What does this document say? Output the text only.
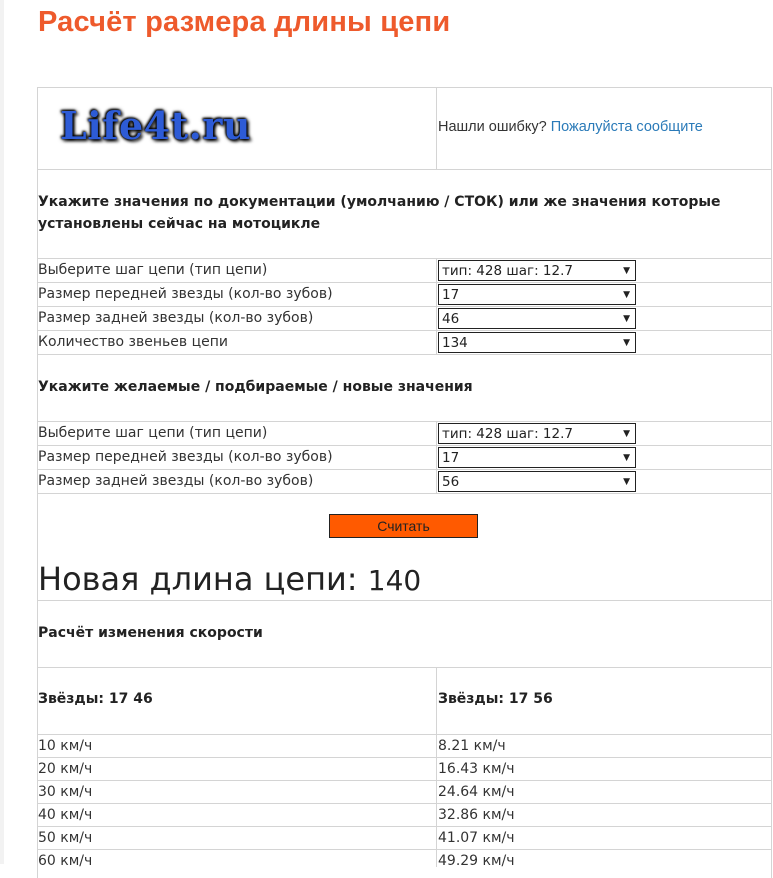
Расчёт размера длины цепи
Life4t.ru	Нашли ошибку? Пожалуйста сообщите
Укажите значения по документации (умолчанию / СТОК) или же значения которые установлены сейчас на мотоцикле
Выберите шаг цепи (тип цепи)	тип: 428 шаг: 12.7	▼
Размер передней звезды (кол-во зубов)	17	▼
Размер задней звезды (кол-во зубов)	46	▼
Количество звеньев цепи	134	▼
Укажите желаемые / подбираемые / новые значения
Выберите шаг цепи (тип цепи)	тип: 428 шаг: 12.7	▼
Размер передней звезды (кол-во зубов)	17	▼
Размер задней звезды (кол-во зубов)	56	▼
Считать
Новая длина цепи: 140
Расчёт изменения скорости
Звёзды: 17 46	Звёзды: 17 56
10 км/ч	8.21 км/ч
20 км/ч	16.43 км/ч
30 км/ч	24.64 км/ч
40 км/ч	32.86 км/ч
50 км/ч	41.07 км/ч
60 км/ч	49.29 км/ч
